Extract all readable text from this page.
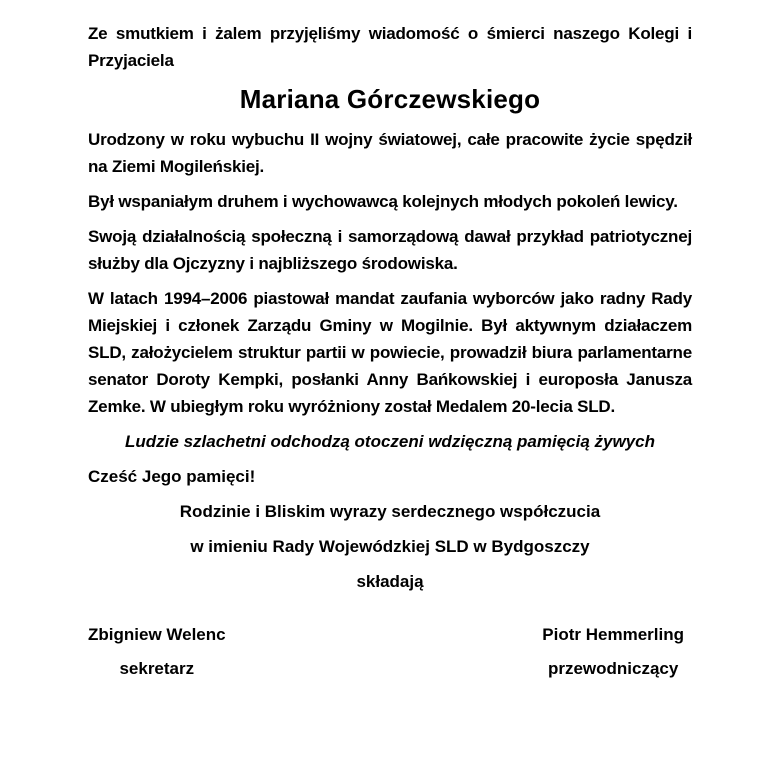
Ze smutkiem i żalem przyjęliśmy wiadomość o śmierci naszego Kolegi i Przyjaciela

Mariana Górczewskiego

Urodzony w roku wybuchu II wojny światowej, całe pracowite życie spędził na Ziemi Mogileńskiej.

Był wspaniałym druhem i wychowawcą kolejnych młodych pokoleń lewicy.

Swoją działalnością społeczną i samorządową dawał przykład patriotycznej służby dla Ojczyzny i najbliższego środowiska.

W latach 1994–2006 piastował mandat zaufania wyborców jako radny Rady Miejskiej i członek Zarządu Gminy w Mogilnie. Był aktywnym działaczem SLD, założycielem struktur partii w powiecie, prowadził biura parlamentarne senator Doroty Kempki, posłanki Anny Bańkowskiej i europosła Janusza Zemke. W ubiegłym roku wyróżniony został Medalem 20-lecia SLD.

Ludzie szlachetni odchodzą otoczeni wdzięczną pamięcią żywych

Cześć Jego pamięci!

Rodzinie i Bliskim wyrazy serdecznego współczucia

w imieniu Rady Wojewódzkiej SLD w Bydgoszczy

składają

Zbigniew Welenc
sekretarz
Piotr Hemmerling
przewodniczący
